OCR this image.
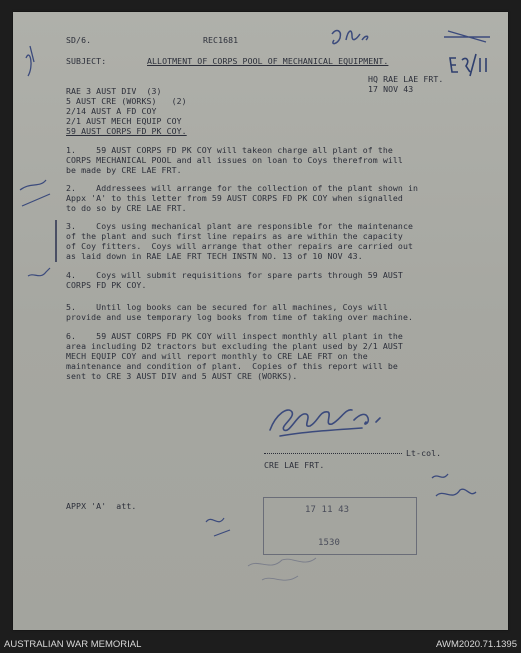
SD/6.	REC1681
SUBJECT:	ALLOTMENT OF CORPS POOL OF MECHANICAL EQUIPMENT.
HQ RAE LAE FRT.
17 NOV 43
RAE 3 AUST DIV  (3)
5 AUST CRE (WORKS)   (2)
2/14 AUST A FD COY
2/1 AUST MECH EQUIP COY
59 AUST CORPS FD PK COY.
1.    59 AUST CORPS FD PK COY will takeon charge all plant of the
CORPS MECHANICAL POOL and all issues on loan to Coys therefrom will
be made by CRE LAE FRT.
2.    Addressees will arrange for the collection of the plant shown in
Appx 'A' to this letter from 59 AUST CORPS FD PK COY when signalled
to do so by CRE LAE FRT.
3.    Coys using mechanical plant are responsible for the maintenance
of the plant and such first line repairs as are within the capacity
of Coy fitters.  Coys will arrange that other repairs are carried out
as laid down in RAE LAE FRT TECH INSTN NO. 13 of 10 NOV 43.
4.    Coys will submit requisitions for spare parts through 59 AUST
CORPS FD PK COY.
5.    Until log books can be secured for all machines, Coys will
provide and use temporary log books from time of taking over machine.
6.    59 AUST CORPS FD PK COY will inspect monthly all plant in the
area including D2 tractors but excluding the plant used by 2/1 AUST
MECH EQUIP COY and will report monthly to CRE LAE FRT on the
maintenance and condition of plant.  Copies of this report will be
sent to CRE 3 AUST DIV and 5 AUST CRE (WORKS).
Lt-col.
CRE LAE FRT.
APPX 'A'  att.	17 11 43
1530
AUSTRALIAN WAR MEMORIAL	AWM2020.71.1395
